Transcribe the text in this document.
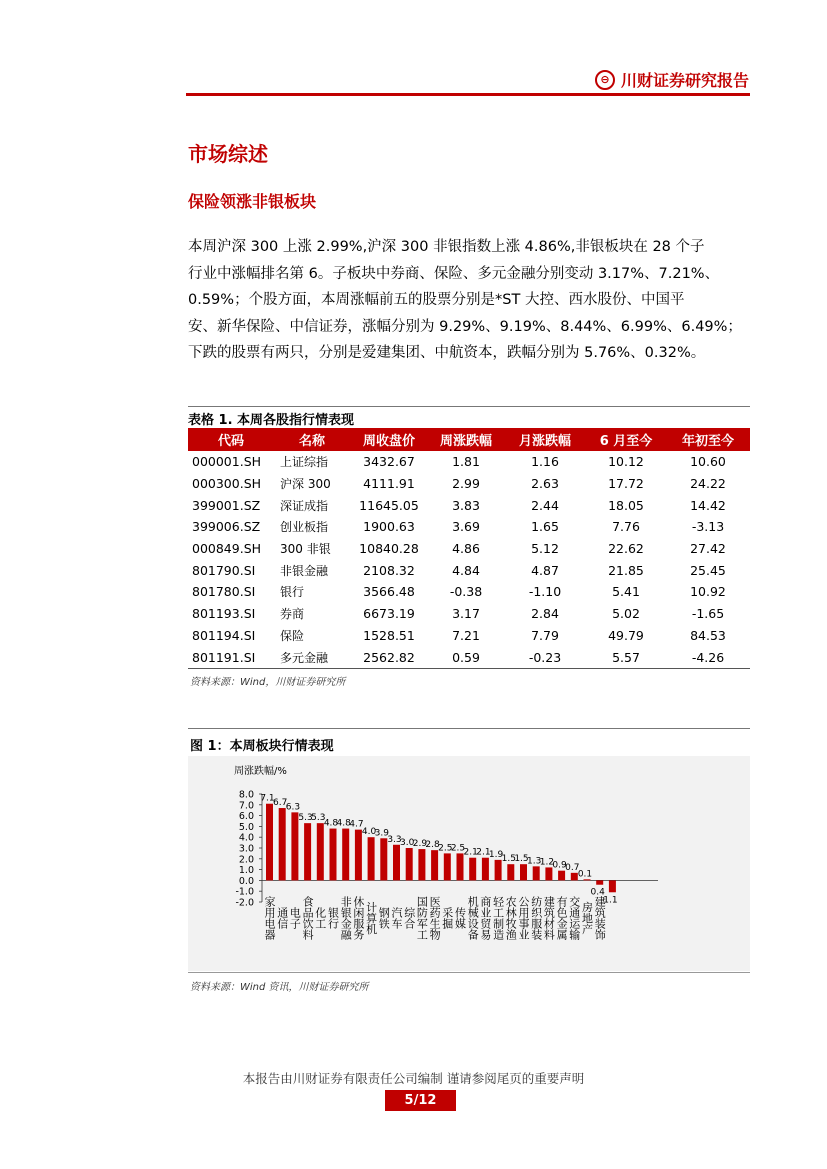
⊖ 川财证券研究报告
市场综述
保险领涨非银板块
本周沪深 300 上涨 2.99%,沪深 300 非银指数上涨 4.86%,非银板块在 28 个子
行业中涨幅排名第 6。子板块中券商、保险、多元金融分别变动 3.17%、7.21%、
0.59%；个股方面，本周涨幅前五的股票分别是*ST 大控、西水股份、中国平
安、新华保险、中信证券，涨幅分别为 9.29%、9.19%、8.44%、6.99%、6.49%；
下跌的股票有两只，分别是爱建集团、中航资本，跌幅分别为 5.76%、0.32%。
表格 1. 本周各股指行情表现
代码	名称	周收盘价	周涨跌幅	月涨跌幅	6 月至今	年初至今
000001.SH	上证综指	3432.67	1.81	1.16	10.12	10.60
000300.SH	沪深 300	4111.91	2.99	2.63	17.72	24.22
399001.SZ	深证成指	11645.05	3.83	2.44	18.05	14.42
399006.SZ	创业板指	1900.63	3.69	1.65	7.76	-3.13
000849.SH	300 非银	10840.28	4.86	5.12	22.62	27.42
801790.SI	非银金融	2108.32	4.84	4.87	21.85	25.45
801780.SI	银行	3566.48	-0.38	-1.10	5.41	10.92
801193.SI	券商	6673.19	3.17	2.84	5.02	-1.65
801194.SI	保险	1528.51	7.21	7.79	49.79	84.53
801191.SI	多元金融	2562.82	0.59	-0.23	5.57	-4.26
资料来源：Wind，川财证券研究所
图 1：本周板块行情表现
周涨跌幅/%
8.0
7.0
6.0
5.0
4.0
3.0
2.0
1.0
0.0
-1.0
-2.0
7.1
6.7
6.3
5.3
5.3
4.8
4.8
4.7
4.0
3.9
3.3
3.0
2.9
2.8
2.5
2.5
2.1
2.1
1.9
1.5
1.5
1.3
1.2
0.9
0.7
0.1
0.4
1.1
家用电器 通信 电子 食品饮料 化工 银行 非银金融 休闲服务 计算机 钢铁 汽车 综合 国防军工 医药生物 采掘 传媒 机械设备 商业贸易 轻工制造 农林牧渔 公用事业 纺织服装 建筑材料 有色金属 交通运输 房地产 建筑装饰
资料来源：Wind 资讯，川财证券研究所
本报告由川财证券有限责任公司编制 谨请参阅尾页的重要声明
5/12
